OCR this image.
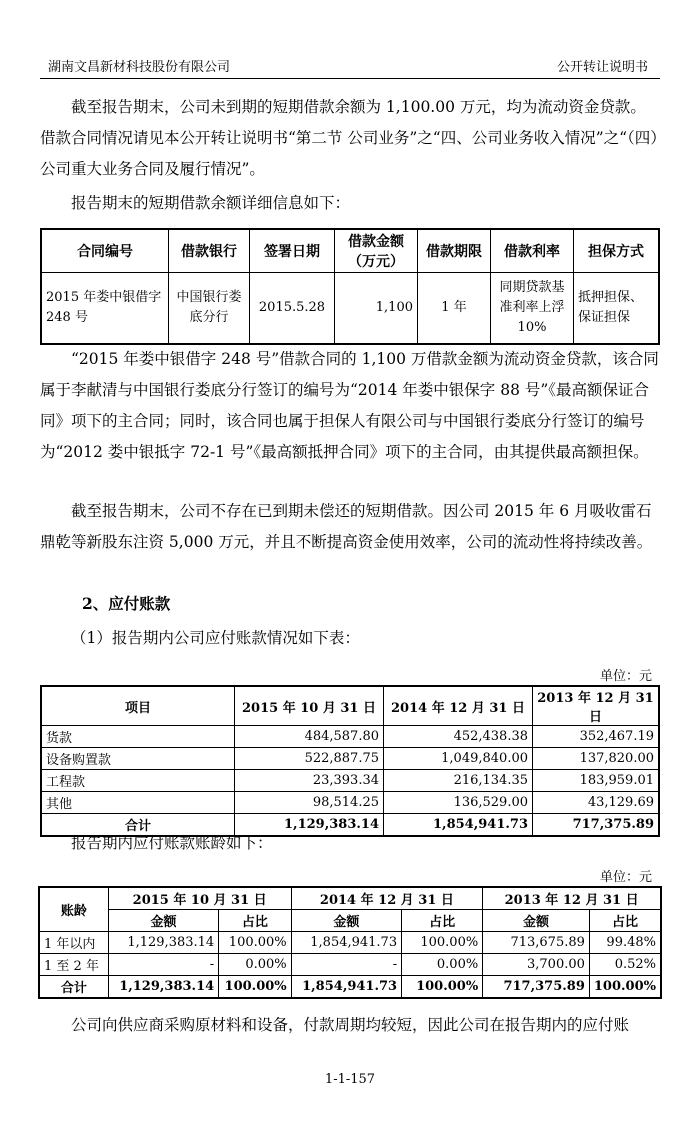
湖南文昌新材科技股份有限公司	公开转让说明书

截至报告期末，公司未到期的短期借款余额为 1,100.00 万元，均为流动资金贷款。借款合同情况请见本公开转让说明书“第二节 公司业务”之“四、公司业务收入情况”之“（四）公司重大业务合同及履行情况”。

报告期末的短期借款余额详细信息如下：

合同编号	借款银行	签署日期	借款金额（万元）	借款期限	借款利率	担保方式
2015 年娄中银借字 248 号	中国银行娄底分行	2015.5.28	1,100	1 年	同期贷款基准利率上浮 10%	抵押担保、保证担保

“2015 年娄中银借字 248 号”借款合同的 1,100 万借款金额为流动资金贷款，该合同属于李献清与中国银行娄底分行签订的编号为“2014 年娄中银保字 88 号”《最高额保证合同》项下的主合同；同时，该合同也属于担保人有限公司与中国银行娄底分行签订的编号为“2012 娄中银抵字 72-1 号”《最高额抵押合同》项下的主合同，由其提供最高额担保。

截至报告期末，公司不存在已到期未偿还的短期借款。因公司 2015 年 6 月吸收雷石鼎乾等新股东注资 5,000 万元，并且不断提高资金使用效率，公司的流动性将持续改善。

2、应付账款

（1）报告期内公司应付账款情况如下表：

单位：元
项目	2015 年 10 月 31 日	2014 年 12 月 31 日	2013 年 12 月 31 日
货款	484,587.80	452,438.38	352,467.19
设备购置款	522,887.75	1,049,840.00	137,820.00
工程款	23,393.34	216,134.35	183,959.01
其他	98,514.25	136,529.00	43,129.69
合计	1,129,383.14	1,854,941.73	717,375.89

报告期内应付账款账龄如下：

单位：元
账龄	2015 年 10 月 31 日		2014 年 12 月 31 日		2013 年 12 月 31 日	
	金额	占比	金额	占比	金额	占比
1 年以内	1,129,383.14	100.00%	1,854,941.73	100.00%	713,675.89	99.48%
1 至 2 年	-	0.00%	-	0.00%	3,700.00	0.52%
合计	1,129,383.14	100.00%	1,854,941.73	100.00%	717,375.89	100.00%

公司向供应商采购原材料和设备，付款周期均较短，因此公司在报告期内的应付账

1-1-157
